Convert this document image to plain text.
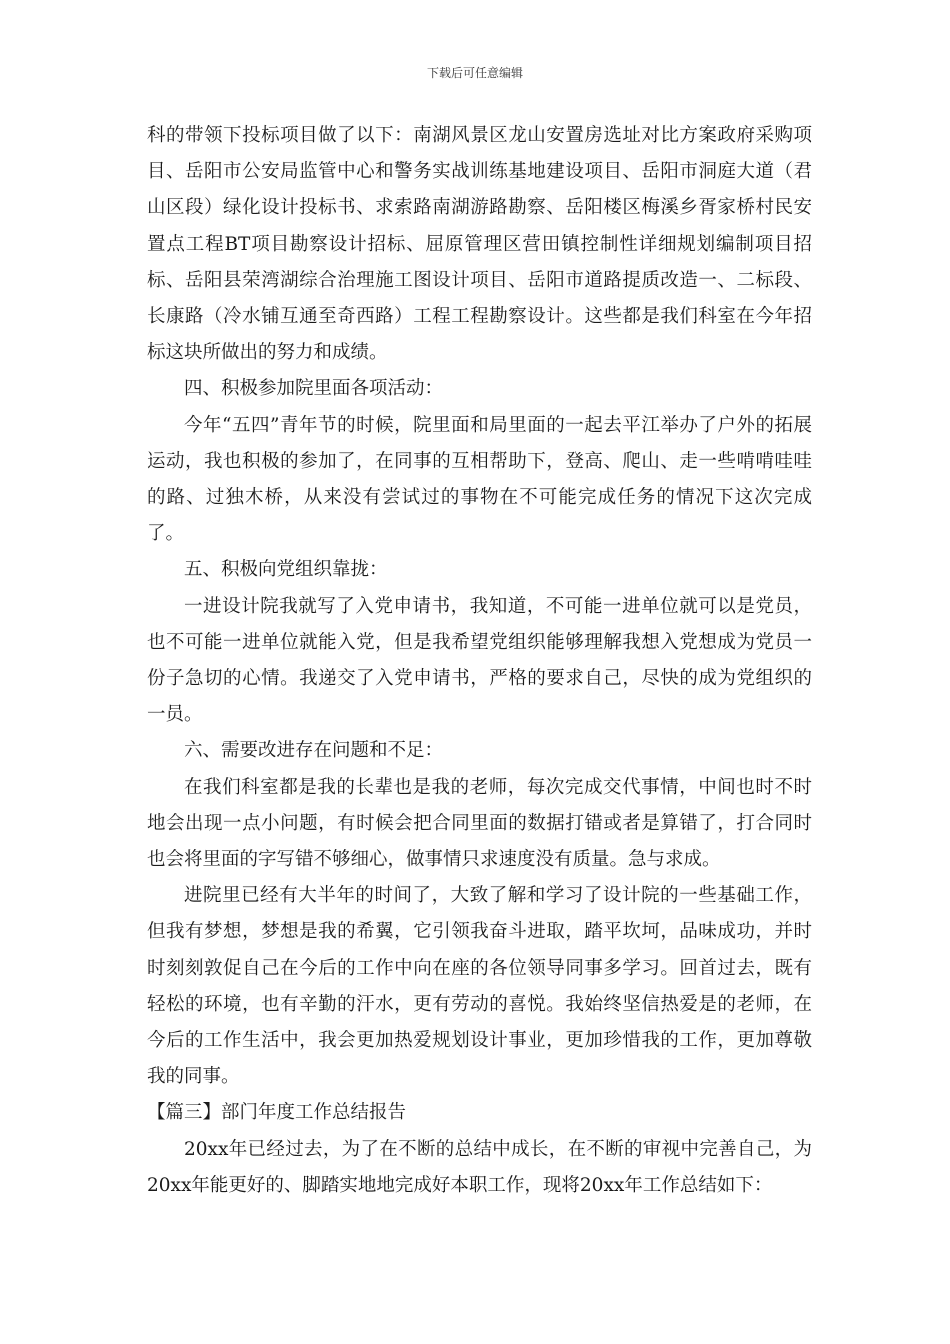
下载后可任意编辑

科的带领下投标项目做了以下：南湖风景区龙山安置房选址对比方案政府采购项目、岳阳市公安局监管中心和警务实战训练基地建设项目、岳阳市洞庭大道（君山区段）绿化设计投标书、求索路南湖游路勘察、岳阳楼区梅溪乡胥家桥村民安置点工程BT项目勘察设计招标、屈原管理区营田镇控制性详细规划编制项目招标、岳阳县荣湾湖综合治理施工图设计项目、岳阳市道路提质改造一、二标段、长康路（冷水铺互通至奇西路）工程工程勘察设计。这些都是我们科室在今年招标这块所做出的努力和成绩。

四、积极参加院里面各项活动：

今年“五四”青年节的时候，院里面和局里面的一起去平江举办了户外的拓展运动，我也积极的参加了，在同事的互相帮助下，登高、爬山、走一些啃啃哇哇的路、过独木桥，从来没有尝试过的事物在不可能完成任务的情况下这次完成了。

五、积极向党组织靠拢：

一进设计院我就写了入党申请书，我知道，不可能一进单位就可以是党员，也不可能一进单位就能入党，但是我希望党组织能够理解我想入党想成为党员一份子急切的心情。我递交了入党申请书，严格的要求自己，尽快的成为党组织的一员。

六、需要改进存在问题和不足：

在我们科室都是我的长辈也是我的老师，每次完成交代事情，中间也时不时地会出现一点小问题，有时候会把合同里面的数据打错或者是算错了，打合同时也会将里面的字写错不够细心，做事情只求速度没有质量。急与求成。

进院里已经有大半年的时间了，大致了解和学习了设计院的一些基础工作，但我有梦想，梦想是我的希翼，它引领我奋斗进取，踏平坎坷，品味成功，并时时刻刻敦促自己在今后的工作中向在座的各位领导同事多学习。回首过去，既有轻松的环境，也有辛勤的汗水，更有劳动的喜悦。我始终坚信热爱是的老师，在今后的工作生活中，我会更加热爱规划设计事业，更加珍惜我的工作，更加尊敬我的同事。

【篇三】部门年度工作总结报告

20xx年已经过去，为了在不断的总结中成长，在不断的审视中完善自己，为20xx年能更好的、脚踏实地地完成好本职工作，现将20xx年工作总结如下：
